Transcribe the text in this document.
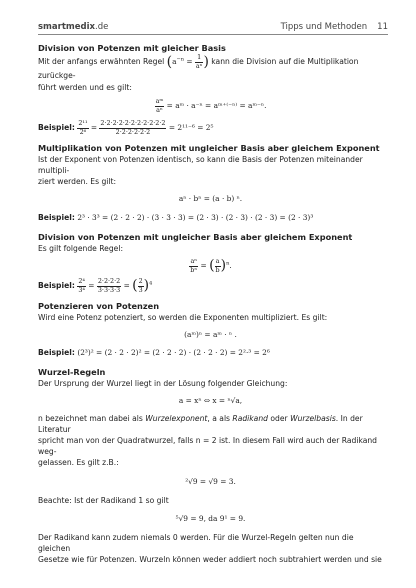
smartmedix.de	Tipps und Methoden 11
Division von Potenzen mit gleicher Basis

Mit der anfangs erwähnten Regel ($a^{-n} = \frac{1}{\text{aⁿ}}$ ) kann die Division auf die Multiplikation zurückge-

führt werden und es gilt:

$\frac{\text{aᵐ}}{\text{aⁿ}}$ = aᵐ · a⁻ⁿ = aᵐ⁺⁽⁻ⁿ⁾ = aᵐ⁻ⁿ.

Beispiel: $\frac{\text{2¹¹}}{\text{2⁶}} = \frac{2\cdot 2\cdot 2\cdot 2\cdot 2\cdot 2\cdot 2\cdot 2\cdot 2\cdot 2\cdot 2}{2\cdot 2\cdot 2\cdot 2\cdot 2\cdot 2} = 2^{11-6} = 2^5$

Multiplikation von Potenzen mit ungleicher Basis aber gleichem Exponent

Ist der Exponent von Potenzen identisch, so kann die Basis der Potenzen miteinander multipli-

ziert werden. Es gilt:

aⁿ · bⁿ = (a · b) ⁿ.

Beispiel: 2³ · 3³ = (2 · 2 · 2) · (3 · 3 · 3) = (2 · 3) · (2 · 3) · (2 · 3) = (2 · 3)³

Division von Potenzen mit ungleicher Basis aber gleichem Exponent

Es gilt folgende Regel:

$\frac{\text{aⁿ}}{\text{bⁿ}}$ = ( $\frac{a}{b} )^n$.

Beispiel: $\frac{\text{2⁴}}{\text{3⁴}} = \frac{2\cdot 2\cdot 2\cdot 2}{3\cdot 3\cdot 3\cdot 3}$ = ( $\frac{2}{3} )^4$

Potenzieren von Potenzen

Wird eine Potenz potenziert, so werden die Exponenten multipliziert. Es gilt:

(aᵐ)ⁿ = aᵐ · ⁿ .

Beispiel: (2³)² = (2 · 2 · 2)² = (2 · 2 · 2) · (2 · 2 · 2) = 2²·³ = 2⁶

Wurzel-Regeln

Der Ursprung der Wurzel liegt in der Lösung folgender Gleichung:

a = xⁿ ⇔ x = ⁿ√a,

n bezeichnet man dabei als Wurzelexponent, a als Radikand oder Wurzelbasis. In der Literatur

spricht man von der Quadratwurzel, falls n = 2 ist. In diesem Fall wird auch der Radikand weg-

gelassen. Es gilt z.B.:

²√9 = √9 = 3.

Beachte: Ist der Radikand 1 so gilt

⁵√9 = 9, da 9¹ = 9.

Der Radikand kann zudem niemals 0 werden. Für die Wurzel-Regeln gelten nun die gleichen

Gesetze wie für Potenzen. Wurzeln können weder addiert noch subtrahiert werden und sie
